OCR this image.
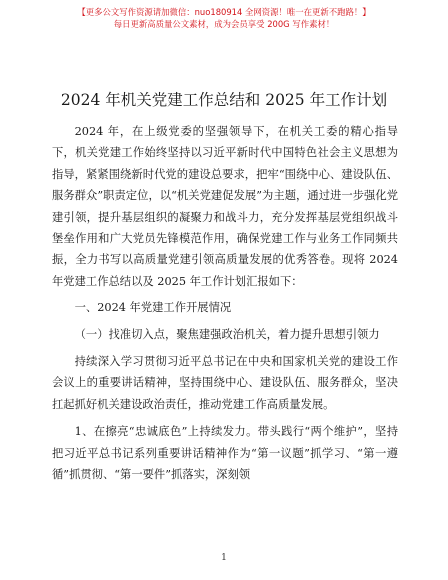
【更多公文写作资源请加微信：nuo180914 全网资源！唯一在更新不跑路！】
每日更新高质量公文素材，成为会员享受 200G 写作素材！
2024 年机关党建工作总结和 2025 年工作计划

2024 年，在上级党委的坚强领导下，在机关工委的精心指导下，机关党建工作始终坚持以习近平新时代中国特色社会主义思想为指导，紧紧围绕新时代党的建设总要求，把牢“围绕中心、建设队伍、服务群众”职责定位，以“机关党建促发展”为主题，通过进一步强化党建引领，提升基层组织的凝聚力和战斗力，充分发挥基层党组织战斗堡垒作用和广大党员先锋模范作用，确保党建工作与业务工作同频共振，全力书写以高质量党建引领高质量发展的优秀答卷。现将 2024 年党建工作总结以及 2025 年工作计划汇报如下：

一、2024 年党建工作开展情况

（一）找准切入点，聚焦建强政治机关，着力提升思想引领力

持续深入学习贯彻习近平总书记在中央和国家机关党的建设工作会议上的重要讲话精神，坚持围绕中心、建设队伍、服务群众，坚决扛起抓好机关建设政治责任，推动党建工作高质量发展。

1、在擦亮“忠诚底色”上持续发力。带头践行“两个维护”，坚持把习近平总书记系列重要讲话精神作为“第一议题”抓学习、“第一遵循”抓贯彻、“第一要件”抓落实，深刻领

1
